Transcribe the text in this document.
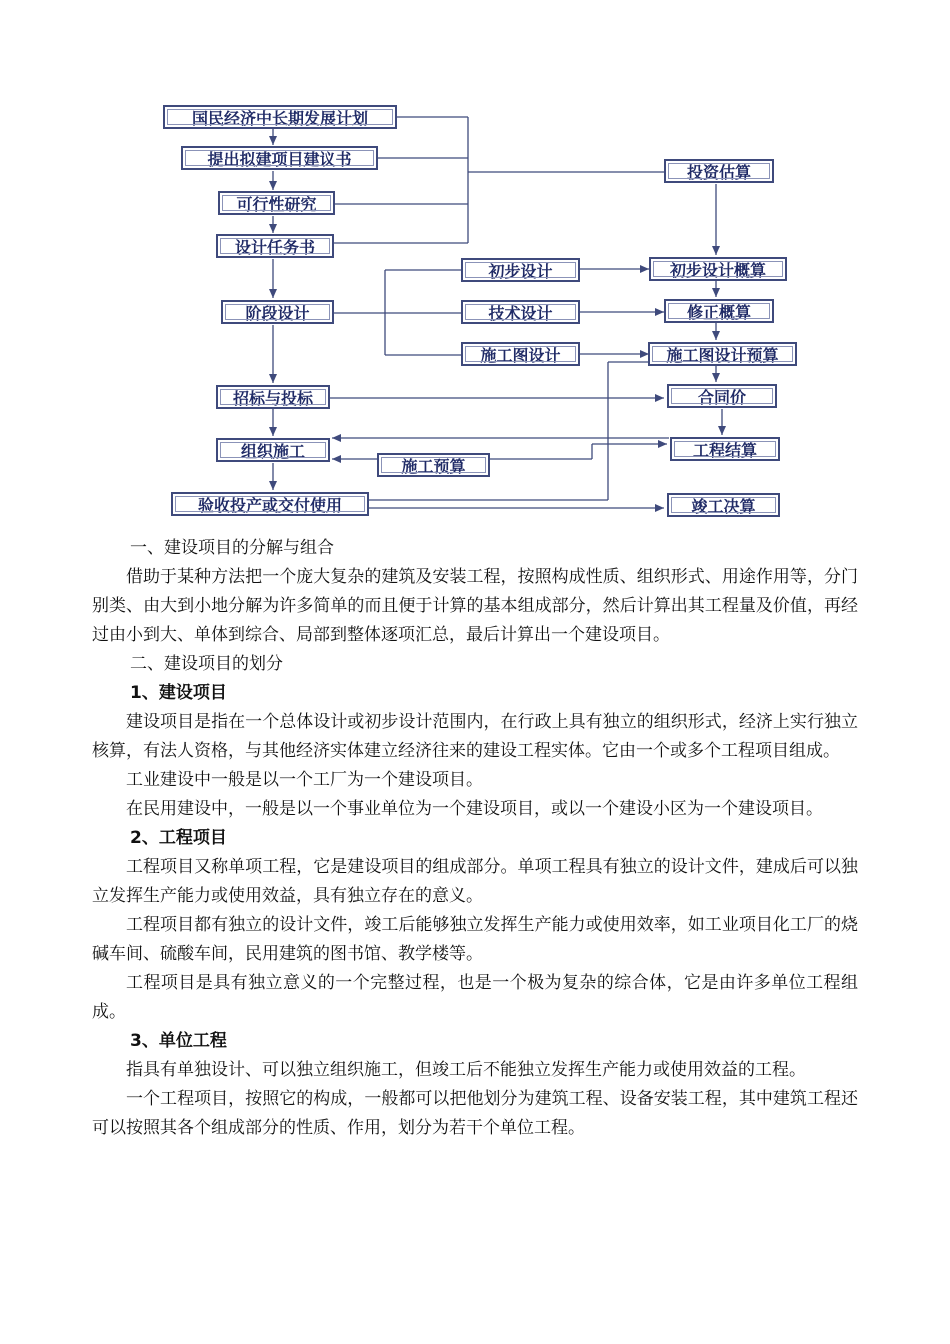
国民经济中长期发展计划
提出拟建项目建议书
可行性研究
设计任务书
阶段设计
招标与投标
组织施工
验收投产或交付使用
初步设计
技术设计
施工图设计
施工预算
投资估算
初步设计概算
修正概算
施工图设计预算
合同价
工程结算
竣工决算
一、建设项目的分解与组合

借助于某种方法把一个庞大复杂的建筑及安装工程，按照构成性质、组织形式、用途作用等，分门别类、由大到小地分解为许多简单的而且便于计算的基本组成部分，然后计算出其工程量及价值，再经过由小到大、单体到综合、局部到整体逐项汇总，最后计算出一个建设项目。

二、建设项目的划分
1、建设项目

建设项目是指在一个总体设计或初步设计范围内，在行政上具有独立的组织形式，经济上实行独立核算，有法人资格，与其他经济实体建立经济往来的建设工程实体。它由一个或多个工程项目组成。

工业建设中一般是以一个工厂为一个建设项目。

在民用建设中，一般是以一个事业单位为一个建设项目，或以一个建设小区为一个建设项目。

2、工程项目

工程项目又称单项工程，它是建设项目的组成部分。单项工程具有独立的设计文件，建成后可以独立发挥生产能力或使用效益，具有独立存在的意义。

工程项目都有独立的设计文件，竣工后能够独立发挥生产能力或使用效率，如工业项目化工厂的烧碱车间、硫酸车间，民用建筑的图书馆、教学楼等。

工程项目是具有独立意义的一个完整过程，也是一个极为复杂的综合体，它是由许多单位工程组成。

3、单位工程

指具有单独设计、可以独立组织施工，但竣工后不能独立发挥生产能力或使用效益的工程。

一个工程项目，按照它的构成，一般都可以把他划分为建筑工程、设备安装工程，其中建筑工程还可以按照其各个组成部分的性质、作用，划分为若干个单位工程。
